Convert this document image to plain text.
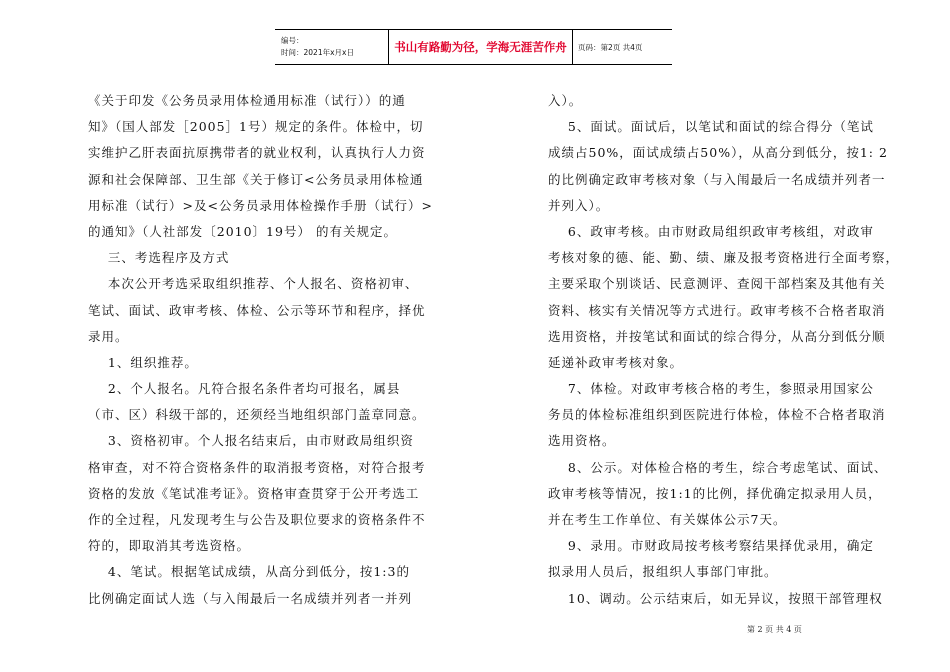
编号：
时间：2021年x月x日	书山有路勤为径，学海无涯苦作舟	页码：第2页 共4页
《关于印发《公务员录用体检通用标准（试行））的通
知》（国人部发［2005］1号）规定的条件。体检中，切
实维护乙肝表面抗原携带者的就业权利，认真执行人力资
源和社会保障部、卫生部《关于修订<公务员录用体检通
用标准（试行）>及<公务员录用体检操作手册（试行）>
的通知》（人社部发〔2010〕19号） 的有关规定。
三、考选程序及方式
本次公开考选采取组织推荐、个人报名、资格初审、
笔试、面试、政审考核、体检、公示等环节和程序，择优
录用。
1、组织推荐。
2、个人报名。凡符合报名条件者均可报名，属县
（市、区）科级干部的，还须经当地组织部门盖章同意。
3、资格初审。个人报名结束后，由市财政局组织资
格审查，对不符合资格条件的取消报考资格，对符合报考
资格的发放《笔试准考证》。资格审查贯穿于公开考选工
作的全过程，凡发现考生与公告及职位要求的资格条件不
符的，即取消其考选资格。
4、笔试。根据笔试成绩，从高分到低分，按1:3的
比例确定面试人选（与入闱最后一名成绩并列者一并列
入）。
5、面试。面试后，以笔试和面试的综合得分（笔试
成绩占50%，面试成绩占50%），从高分到低分，按1: 2
的比例确定政审考核对象（与入闱最后一名成绩并列者一
并列入）。
6、政审考核。由市财政局组织政审考核组，对政审
考核对象的德、能、勤、绩、廉及报考资格进行全面考察，
主要采取个别谈话、民意测评、查阅干部档案及其他有关
资料、核实有关情况等方式进行。政审考核不合格者取消
选用资格，并按笔试和面试的综合得分，从高分到低分顺
延递补政审考核对象。
7、体检。对政审考核合格的考生，参照录用国家公
务员的体检标准组织到医院进行体检，体检不合格者取消
选用资格。
8、公示。对体检合格的考生，综合考虑笔试、面试、
政审考核等情况，按1:1的比例，择优确定拟录用人员，
并在考生工作单位、有关媒体公示7天。
9、录用。市财政局按考核考察结果择优录用，确定
拟录用人员后，报组织人事部门审批。
10、调动。公示结束后，如无异议，按照干部管理权
第 2 页 共 4 页
